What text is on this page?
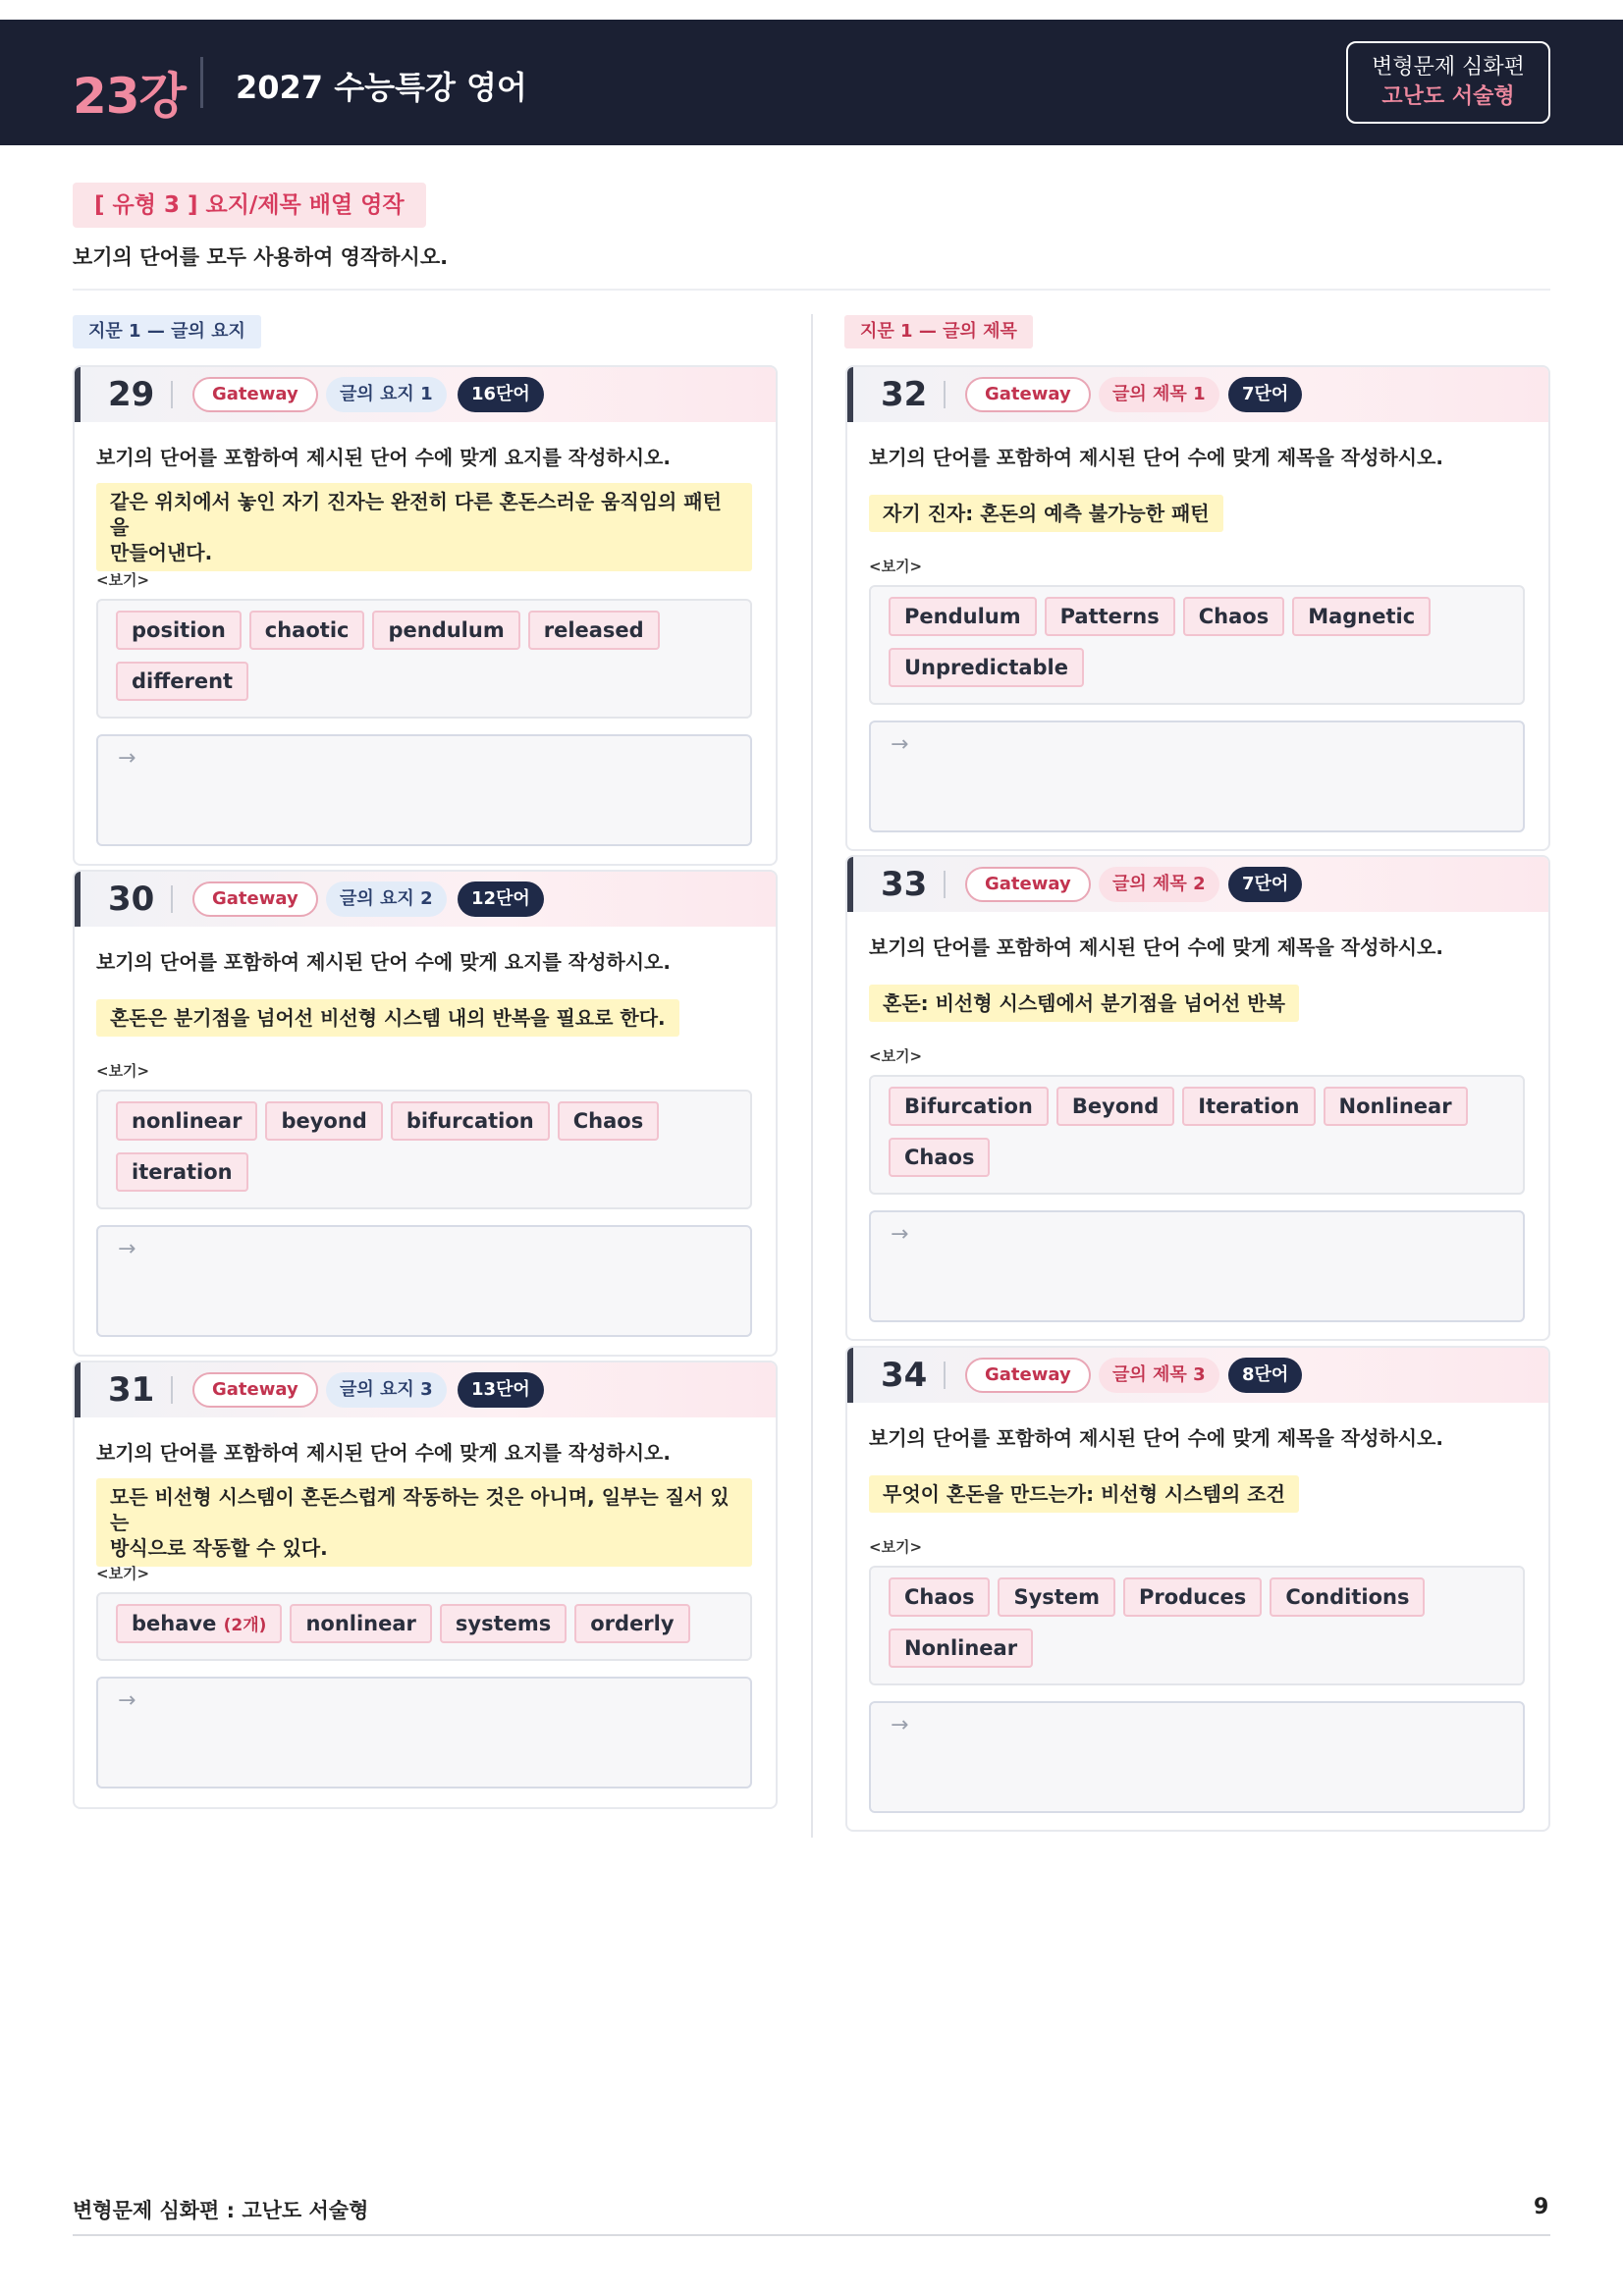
23강 2027 수능특강 영어
변형문제 심화편
고난도 서술형
[ 유형 3 ] 요지/제목 배열 영작
보기의 단어를 모두 사용하여 영작하시오.
지문 1 — 글의 요지	지문 1 — 글의 제목
29	Gateway	글의 요지 1	16단어
보기의 단어를 포함하여 제시된 단어 수에 맞게 요지를 작성하시오.
같은 위치에서 놓인 자기 진자는 완전히 다른 혼돈스러운 움직임의 패턴을
만들어낸다.
<보기>
position chaotic pendulum releaseddifferent
→
30	Gateway	글의 요지 2	12단어
보기의 단어를 포함하여 제시된 단어 수에 맞게 요지를 작성하시오.
혼돈은 분기점을 넘어선 비선형 시스템 내의 반복을 필요로 한다.
<보기>
nonlinear beyond bifurcation Chaositeration
→
31	Gateway	글의 요지 3	13단어
보기의 단어를 포함하여 제시된 단어 수에 맞게 요지를 작성하시오.
모든 비선형 시스템이 혼돈스럽게 작동하는 것은 아니며, 일부는 질서 있는
방식으로 작동할 수 있다.
<보기>
behave (2개) nonlinear systems orderly
→
32	Gateway	글의 제목 1	7단어
보기의 단어를 포함하여 제시된 단어 수에 맞게 제목을 작성하시오.
자기 진자: 혼돈의 예측 불가능한 패턴
<보기>
Pendulum Patterns Chaos MagneticUnpredictable
→
33	Gateway	글의 제목 2	7단어
보기의 단어를 포함하여 제시된 단어 수에 맞게 제목을 작성하시오.
혼돈: 비선형 시스템에서 분기점을 넘어선 반복
<보기>
Bifurcation Beyond Iteration NonlinearChaos
→
34	Gateway	글의 제목 3	8단어
보기의 단어를 포함하여 제시된 단어 수에 맞게 제목을 작성하시오.
무엇이 혼돈을 만드는가: 비선형 시스템의 조건
<보기>
Chaos System Produces ConditionsNonlinear
→
변형문제 심화편 : 고난도 서술형	9
